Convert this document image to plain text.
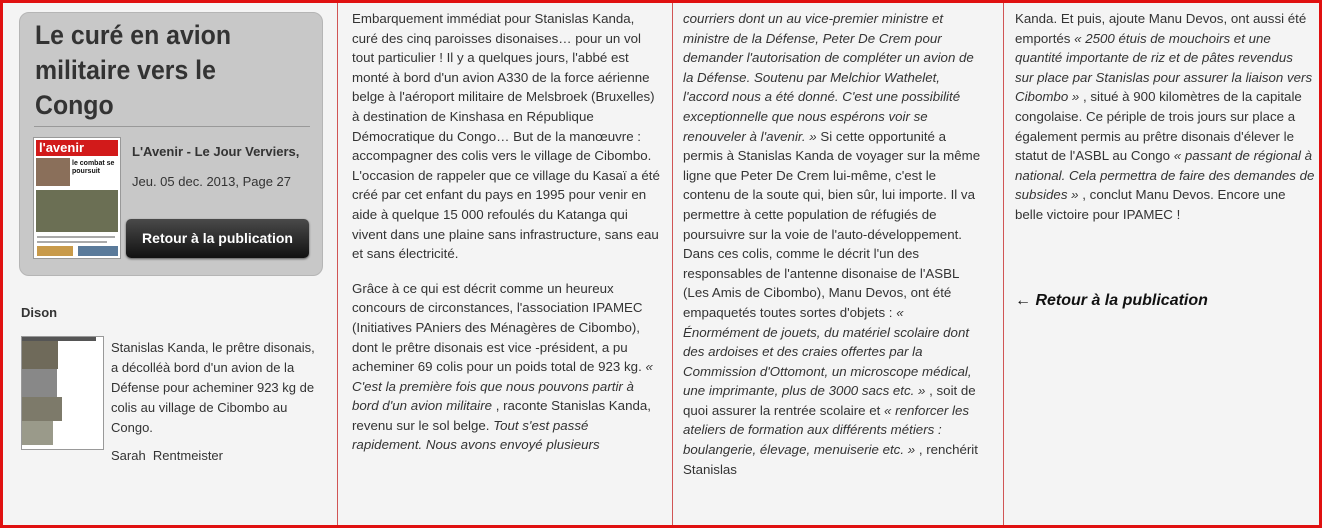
Le curé en avion militaire vers le Congo
l'avenir
le combat se poursuit
L'Avenir - Le Jour Verviers,
Jeu. 05 dec. 2013, Page 27
Retour à la publication
Dison
Stanislas Kanda, le prêtre disonais, a décolléà bord d'un avion de la Défense pour acheminer 923 kg de colis au village de Cibombo au Congo.
Sarah  Rentmeister

Embarquement immédiat pour Stanislas Kanda, curé des cinq paroisses disonaises… pour un vol tout particulier ! Il y a quelques jours, l'abbé est monté à bord d'un avion A330 de la force aérienne belge à l'aéroport militaire de Melsbroek (Bruxelles) à destination de Kinshasa en République Démocratique du Congo… But de la manœuvre : accompagner des colis vers le village de Cibombo. L'occasion de rappeler que ce village du Kasaï a été créé par cet enfant du pays en 1995 pour venir en aide à quelque 15 000 refoulés du Katanga qui vivent dans une plaine sans infrastructure, sans eau et sans électricité.

Grâce à ce qui est décrit comme un heureux concours de circonstances, l'association IPAMEC (Initiatives PAniers des Ménagères de Cibombo), dont le prêtre disonais est vice -président, a pu acheminer 69 colis pour un poids total de 923 kg. « C'est la première fois que nous pouvons partir à bord d'un avion militaire , raconte Stanislas Kanda, revenu sur le sol belge. Tout s'est passé rapidement. Nous avons envoyé plusieurs

courriers dont un au vice-premier ministre et ministre de la Défense, Peter De Crem pour demander l'autorisation de compléter un avion de la Défense. Soutenu par Melchior Wathelet, l'accord nous a été donné. C'est une possibilité exceptionnelle que nous espérons voir se renouveler à l'avenir. » Si cette opportunité a permis à Stanislas Kanda de voyager sur la même ligne que Peter De Crem lui-même, c'est le contenu de la soute qui, bien sûr, lui importe. Il va permettre à cette population de réfugiés de poursuivre sur la voie de l'auto-développement. Dans ces colis, comme le décrit l'un des responsables de l'antenne disonaise de l'ASBL (Les Amis de Cibombo), Manu Devos, ont été empaquetés toutes sortes d'objets : « Énormément de jouets, du matériel scolaire dont des ardoises et des craies offertes par la Commission d'Ottomont, un microscope médical, une imprimante, plus de 3000 sacs etc. » , soit de quoi assurer la rentrée scolaire et « renforcer les ateliers de formation aux différents métiers : boulangerie, élevage, menuiserie etc. » , renchérit Stanislas

Kanda. Et puis, ajoute Manu Devos, ont aussi été emportés « 2500 étuis de mouchoirs et une quantité importante de riz et de pâtes revendus sur place par Stanislas pour assurer la liaison vers Cibombo » , situé à 900 kilomètres de la capitale congolaise. Ce périple de trois jours sur place a également permis au prêtre disonais d'élever le statut de l'ASBL au Congo « passant de régional à national. Cela permettra de faire des demandes de subsides » , conclut Manu Devos. Encore une belle victoire pour IPAMEC !

← Retour à la publication
